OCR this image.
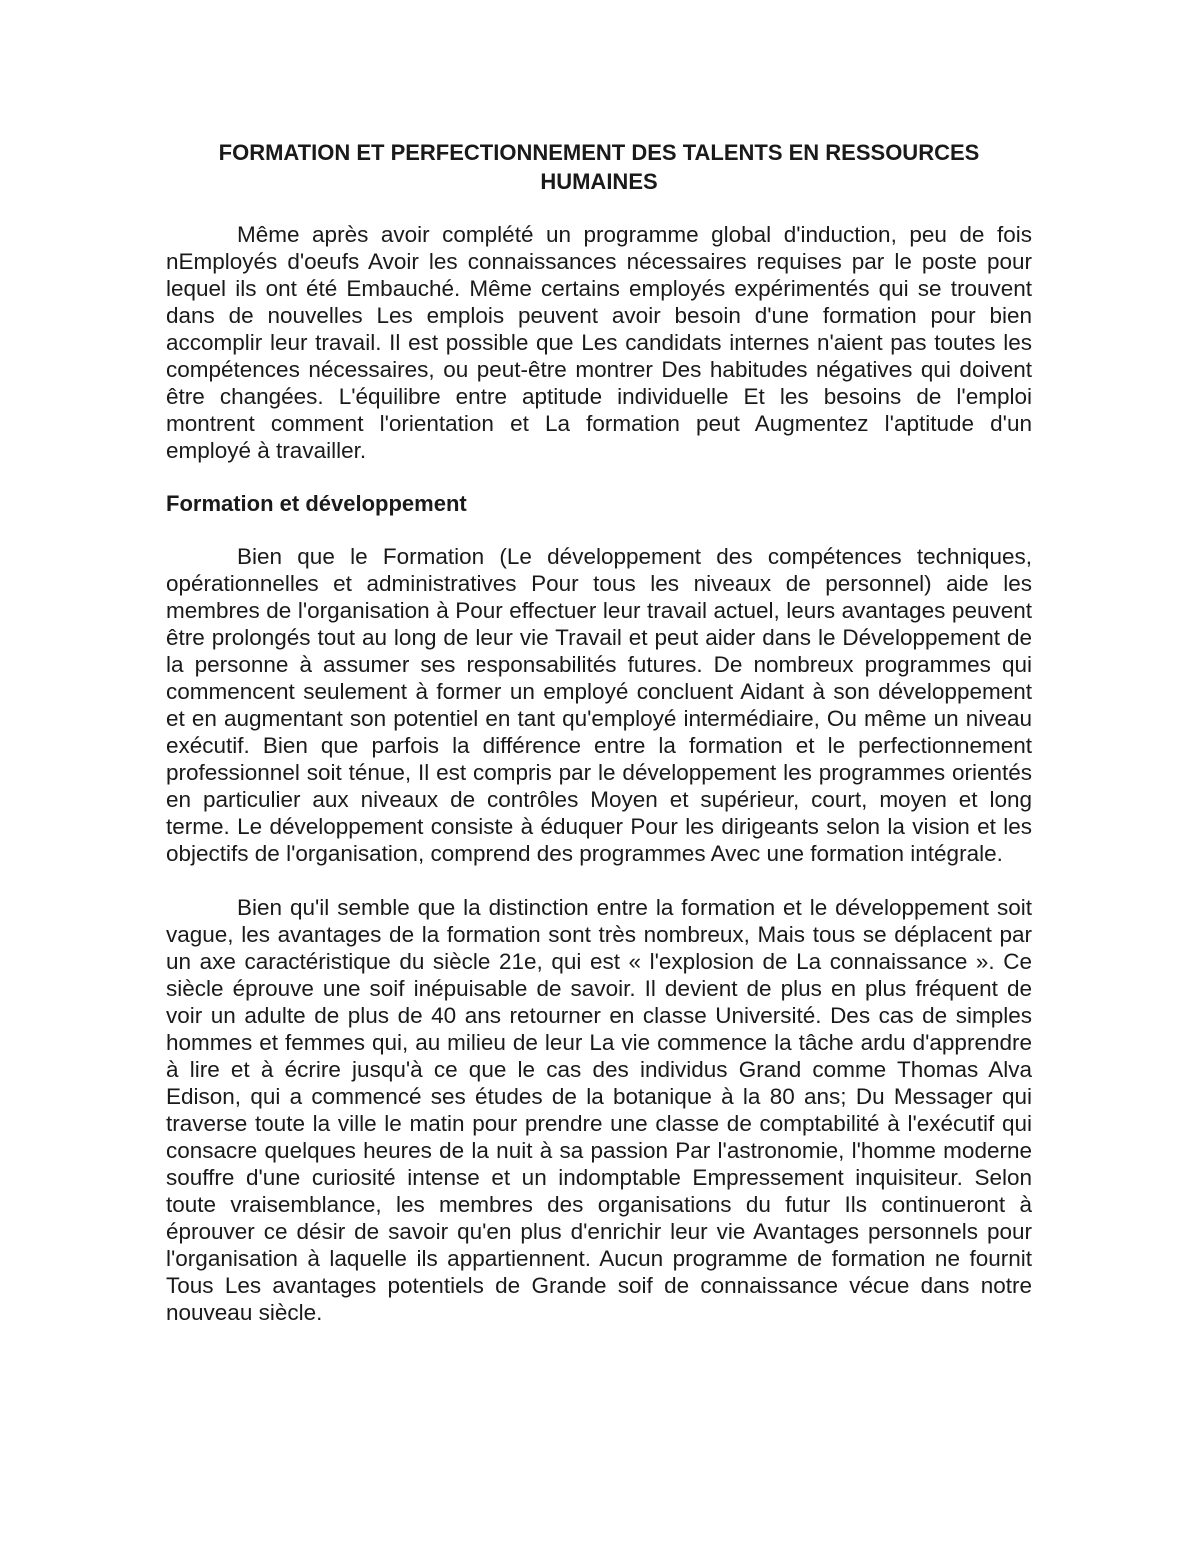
FORMATION ET PERFECTIONNEMENT DES TALENTS EN RESSOURCES HUMAINES

Même après avoir complété un programme global d'induction, peu de fois nEmployés d'oeufs Avoir les connaissances nécessaires requises par le poste pour lequel ils ont été Embauché. Même certains employés expérimentés qui se trouvent dans de nouvelles Les emplois peuvent avoir besoin d'une formation pour bien accomplir leur travail. Il est possible que Les candidats internes n'aient pas toutes les compétences nécessaires, ou peut-être montrer Des habitudes négatives qui doivent être changées. L'équilibre entre aptitude individuelle Et les besoins de l'emploi montrent comment l'orientation et La formation peut Augmentez l'aptitude d'un employé à travailler.

Formation et développement

Bien que le Formation (Le développement des compétences techniques, opérationnelles et administratives Pour tous les niveaux de personnel) aide les membres de l'organisation à Pour effectuer leur travail actuel, leurs avantages peuvent être prolongés tout au long de leur vie Travail et peut aider dans le Développement de la personne à assumer ses responsabilités futures. De nombreux programmes qui commencent seulement à former un employé concluent Aidant à son développement et en augmentant son potentiel en tant qu'employé intermédiaire, Ou même un niveau exécutif. Bien que parfois la différence entre la formation et le perfectionnement professionnel soit ténue, Il est compris par le développement les programmes orientés en particulier aux niveaux de contrôles Moyen et supérieur, court, moyen et long terme. Le développement consiste à éduquer Pour les dirigeants selon la vision et les objectifs de l'organisation, comprend des programmes Avec une formation intégrale.

Bien qu'il semble que la distinction entre la formation et le développement soit vague, les avantages de la formation sont très nombreux, Mais tous se déplacent par un axe caractéristique du siècle 21e, qui est « l'explosion de La connaissance ». Ce siècle éprouve une soif inépuisable de savoir. Il devient de plus en plus fréquent de voir un adulte de plus de 40 ans retourner en classe Université. Des cas de simples hommes et femmes qui, au milieu de leur La vie commence la tâche ardu d'apprendre à lire et à écrire jusqu'à ce que le cas des individus Grand comme Thomas Alva Edison, qui a commencé ses études de la botanique à la 80 ans; Du Messager qui traverse toute la ville le matin pour prendre une classe de comptabilité à l'exécutif qui consacre quelques heures de la nuit à sa passion Par l'astronomie, l'homme moderne souffre d'une curiosité intense et un indomptable Empressement inquisiteur. Selon toute vraisemblance, les membres des organisations du futur Ils continueront à éprouver ce désir de savoir qu'en plus d'enrichir leur vie Avantages personnels pour l'organisation à laquelle ils appartiennent. Aucun programme de formation ne fournit Tous Les avantages potentiels de Grande soif de connaissance vécue dans notre nouveau siècle.
